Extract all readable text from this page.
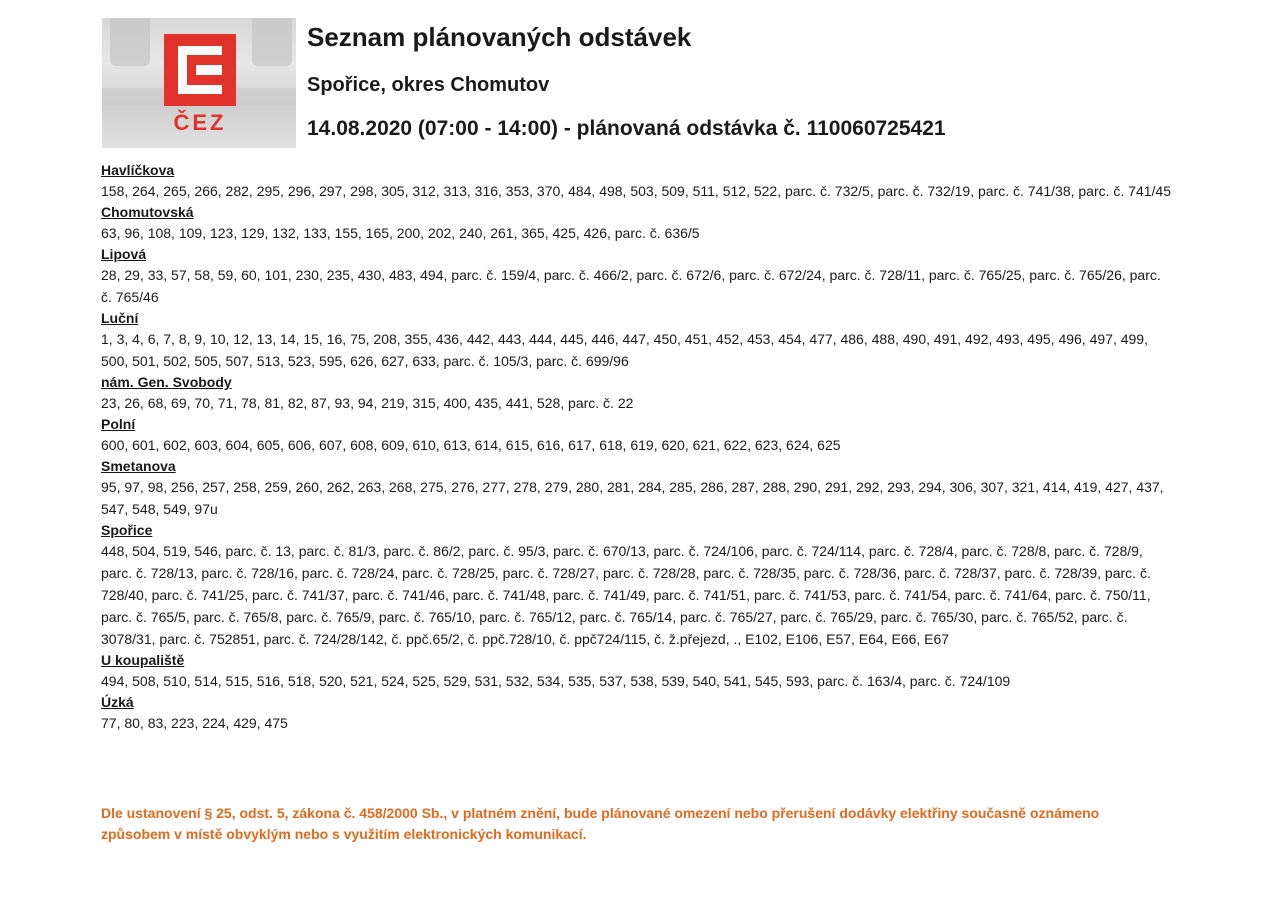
ČEZ
Seznam plánovaných odstávek
Spořice, okres Chomutov
14.08.2020 (07:00 - 14:00) - plánovaná odstávka č. 110060725421

Havlíčkova

158, 264, 265, 266, 282, 295, 296, 297, 298, 305, 312, 313, 316, 353, 370, 484, 498, 503, 509, 511, 512, 522, parc. č. 732/5, parc. č. 732/19, parc. č. 741/38, parc. č. 741/45

Chomutovská

63, 96, 108, 109, 123, 129, 132, 133, 155, 165, 200, 202, 240, 261, 365, 425, 426, parc. č. 636/5

Lipová

28, 29, 33, 57, 58, 59, 60, 101, 230, 235, 430, 483, 494, parc. č. 159/4, parc. č. 466/2, parc. č. 672/6, parc. č. 672/24, parc. č. 728/11, parc. č. 765/25, parc. č. 765/26, parc. č. 765/46

Luční

1, 3, 4, 6, 7, 8, 9, 10, 12, 13, 14, 15, 16, 75, 208, 355, 436, 442, 443, 444, 445, 446, 447, 450, 451, 452, 453, 454, 477, 486, 488, 490, 491, 492, 493, 495, 496, 497, 499, 500, 501, 502, 505, 507, 513, 523, 595, 626, 627, 633, parc. č. 105/3, parc. č. 699/96

nám. Gen. Svobody

23, 26, 68, 69, 70, 71, 78, 81, 82, 87, 93, 94, 219, 315, 400, 435, 441, 528, parc. č. 22

Polní

600, 601, 602, 603, 604, 605, 606, 607, 608, 609, 610, 613, 614, 615, 616, 617, 618, 619, 620, 621, 622, 623, 624, 625

Smetanova

95, 97, 98, 256, 257, 258, 259, 260, 262, 263, 268, 275, 276, 277, 278, 279, 280, 281, 284, 285, 286, 287, 288, 290, 291, 292, 293, 294, 306, 307, 321, 414, 419, 427, 437, 547, 548, 549, 97u

Spořice

448, 504, 519, 546, parc. č. 13, parc. č. 81/3, parc. č. 86/2, parc. č. 95/3, parc. č. 670/13, parc. č. 724/106, parc. č. 724/114, parc. č. 728/4, parc. č. 728/8, parc. č. 728/9, parc. č. 728/13, parc. č. 728/16, parc. č. 728/24, parc. č. 728/25, parc. č. 728/27, parc. č. 728/28, parc. č. 728/35, parc. č. 728/36, parc. č. 728/37, parc. č. 728/39, parc. č. 728/40, parc. č. 741/25, parc. č. 741/37, parc. č. 741/46, parc. č. 741/48, parc. č. 741/49, parc. č. 741/51, parc. č. 741/53, parc. č. 741/54, parc. č. 741/64, parc. č. 750/11, parc. č. 765/5, parc. č. 765/8, parc. č. 765/9, parc. č. 765/10, parc. č. 765/12, parc. č. 765/14, parc. č. 765/27, parc. č. 765/29, parc. č. 765/30, parc. č. 765/52, parc. č. 3078/31, parc. č. 752851, parc. č. 724/28/142, č. ppč.65/2, č. ppč.728/10, č. ppč724/115, č. ž.přejezd, ., E102, E106, E57, E64, E66, E67

U koupaliště

494, 508, 510, 514, 515, 516, 518, 520, 521, 524, 525, 529, 531, 532, 534, 535, 537, 538, 539, 540, 541, 545, 593, parc. č. 163/4, parc. č. 724/109

Úzká

77, 80, 83, 223, 224, 429, 475

Dle ustanovení § 25, odst. 5, zákona č. 458/2000 Sb., v platném znění, bude plánované omezení nebo přerušení dodávky elektřiny současně oznámeno způsobem v místě obvyklým nebo s využitím elektronických komunikací.
